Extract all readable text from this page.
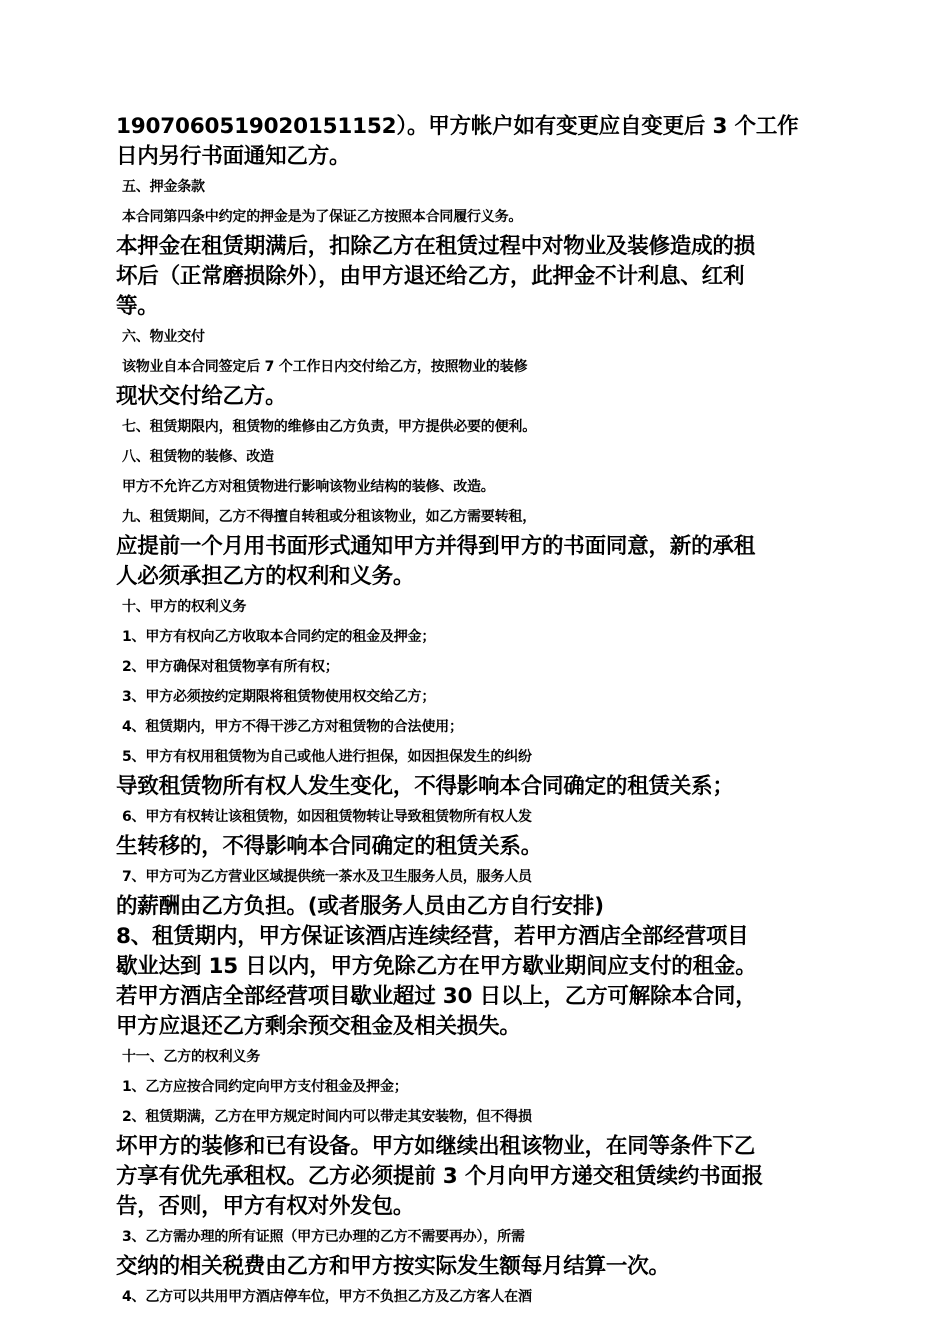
1907060519020151152）。甲方帐户如有变更应自变更后 3 个工作
日内另行书面通知乙方。
五、押金条款
本合同第四条中约定的押金是为了保证乙方按照本合同履行义务。
本押金在租赁期满后，扣除乙方在租赁过程中对物业及装修造成的损
坏后（正常磨损除外），由甲方退还给乙方，此押金不计利息、红利
等。
六、物业交付
该物业自本合同签定后 7 个工作日内交付给乙方，按照物业的装修
现状交付给乙方。
七、租赁期限内，租赁物的维修由乙方负责，甲方提供必要的便利。
八、租赁物的装修、改造
甲方不允许乙方对租赁物进行影响该物业结构的装修、改造。
九、租赁期间，乙方不得擅自转租或分租该物业，如乙方需要转租，
应提前一个月用书面形式通知甲方并得到甲方的书面同意，新的承租
人必须承担乙方的权利和义务。
十、甲方的权利义务
1、甲方有权向乙方收取本合同约定的租金及押金；
2、甲方确保对租赁物享有所有权；
3、甲方必须按约定期限将租赁物使用权交给乙方；
4、租赁期内，甲方不得干涉乙方对租赁物的合法使用；
5、甲方有权用租赁物为自己或他人进行担保，如因担保发生的纠纷
导致租赁物所有权人发生变化，不得影响本合同确定的租赁关系；
6、甲方有权转让该租赁物，如因租赁物转让导致租赁物所有权人发
生转移的，不得影响本合同确定的租赁关系。
7、甲方可为乙方营业区域提供统一茶水及卫生服务人员，服务人员
的薪酬由乙方负担。(或者服务人员由乙方自行安排)
8、租赁期内，甲方保证该酒店连续经营，若甲方酒店全部经营项目
歇业达到 15 日以内，甲方免除乙方在甲方歇业期间应支付的租金。
若甲方酒店全部经营项目歇业超过 30 日以上，乙方可解除本合同，
甲方应退还乙方剩余预交租金及相关损失。
十一、乙方的权利义务
1、乙方应按合同约定向甲方支付租金及押金；
2、租赁期满，乙方在甲方规定时间内可以带走其安装物，但不得损
坏甲方的装修和已有设备。甲方如继续出租该物业，在同等条件下乙
方享有优先承租权。乙方必须提前 3 个月向甲方递交租赁续约书面报
告，否则，甲方有权对外发包。
3、乙方需办理的所有证照（甲方已办理的乙方不需要再办），所需
交纳的相关税费由乙方和甲方按实际发生额每月结算一次。
4、乙方可以共用甲方酒店停车位，甲方不负担乙方及乙方客人在酒
